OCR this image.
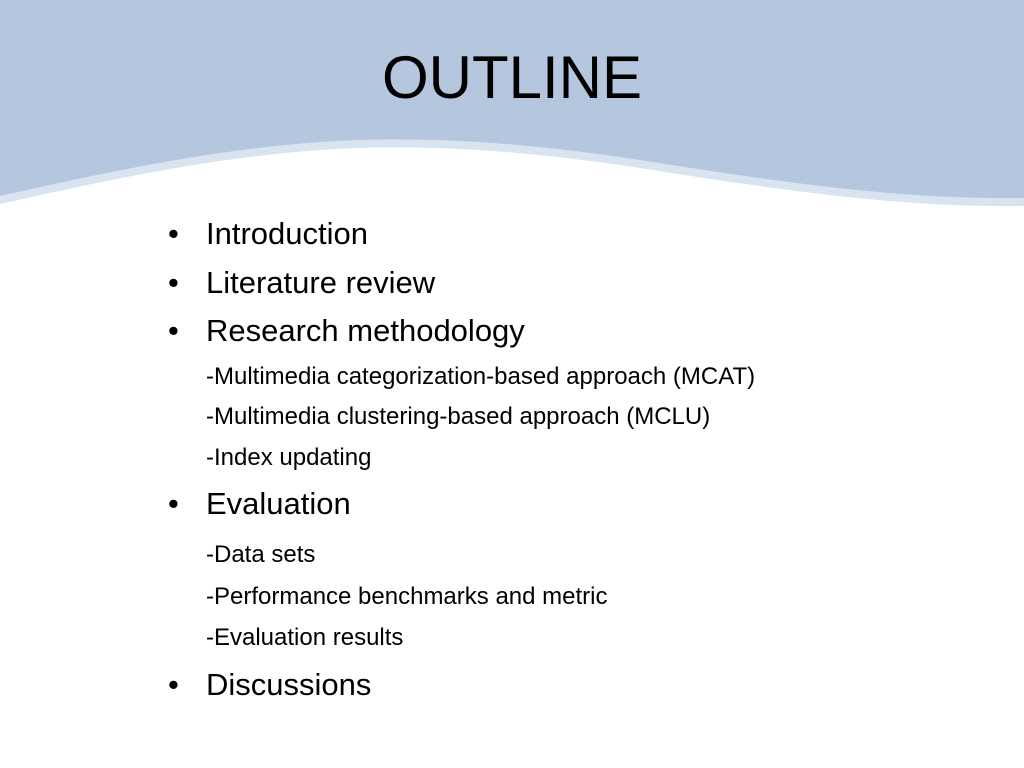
OUTLINE
• Introduction
• Literature review
• Research methodology
-Multimedia categorization-based approach (MCAT)
-Multimedia clustering-based approach (MCLU)
-Index updating
• Evaluation
-Data sets
-Performance benchmarks and metric
-Evaluation results
• Discussions
